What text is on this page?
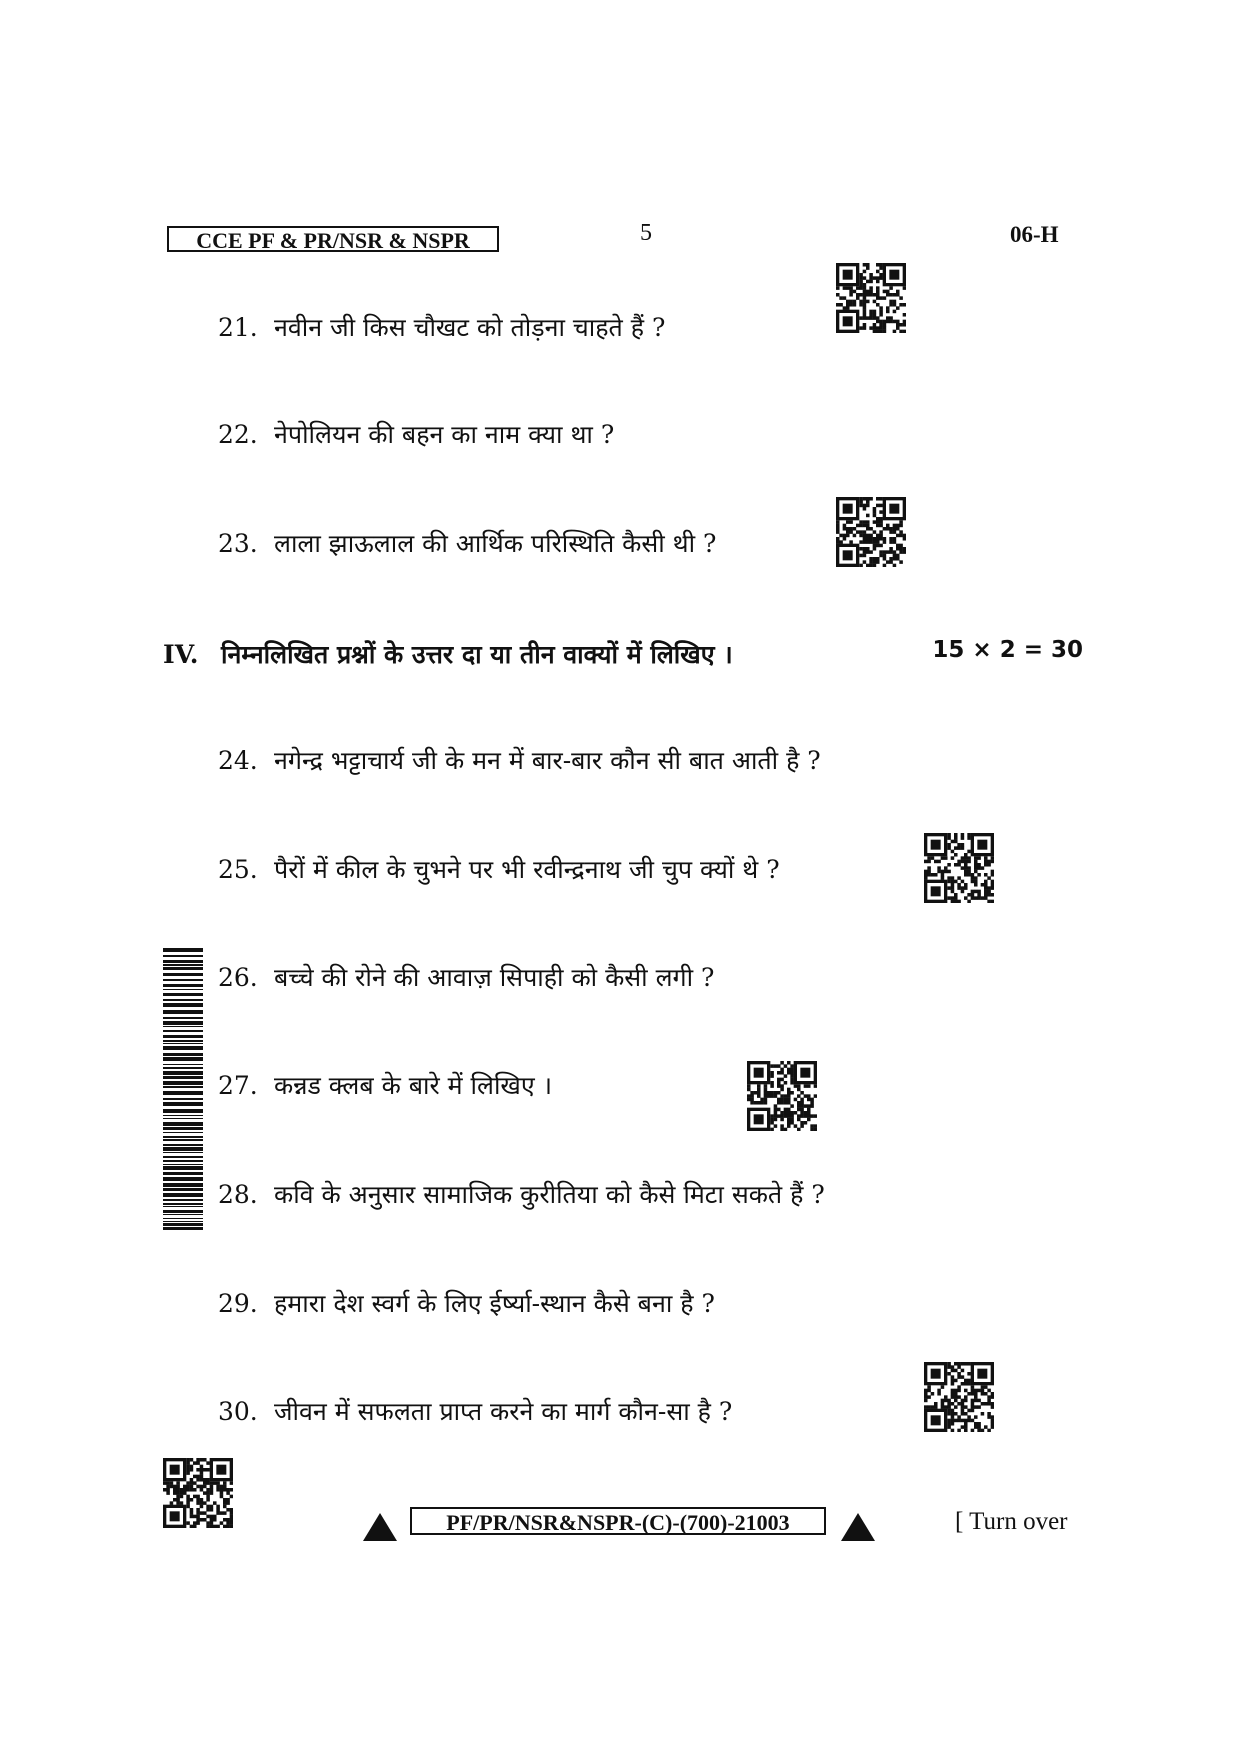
CCE PF & PR/NSR & NSPR	5	06-H
21. नवीन जी किस चौखट को तोड़ना चाहते हैं ?
22. नेपोलियन की बहन का नाम क्या था ?
23. लाला झाऊलाल की आर्थिक परिस्थिति कैसी थी ?
IV. निम्नलिखित प्रश्नों के उत्तर दा या तीन वाक्यों में लिखिए ।	15 × 2 = 30
24. नगेन्द्र भट्टाचार्य जी के मन में बार-बार कौन सी बात आती है ?
25. पैरों में कील के चुभने पर भी रवीन्द्रनाथ जी चुप क्यों थे ?
26. बच्चे की रोने की आवाज़ सिपाही को कैसी लगी ?
27. कन्नड क्लब के बारे में लिखिए ।
28. कवि के अनुसार सामाजिक कुरीतिया को कैसे मिटा सकते हैं ?
29. हमारा देश स्वर्ग के लिए ईर्ष्या-स्थान कैसे बना है ?
30. जीवन में सफलता प्राप्त करने का मार्ग कौन-सा है ?
PF/PR/NSR&NSPR-(C)-(700)-21003	[ Turn over
